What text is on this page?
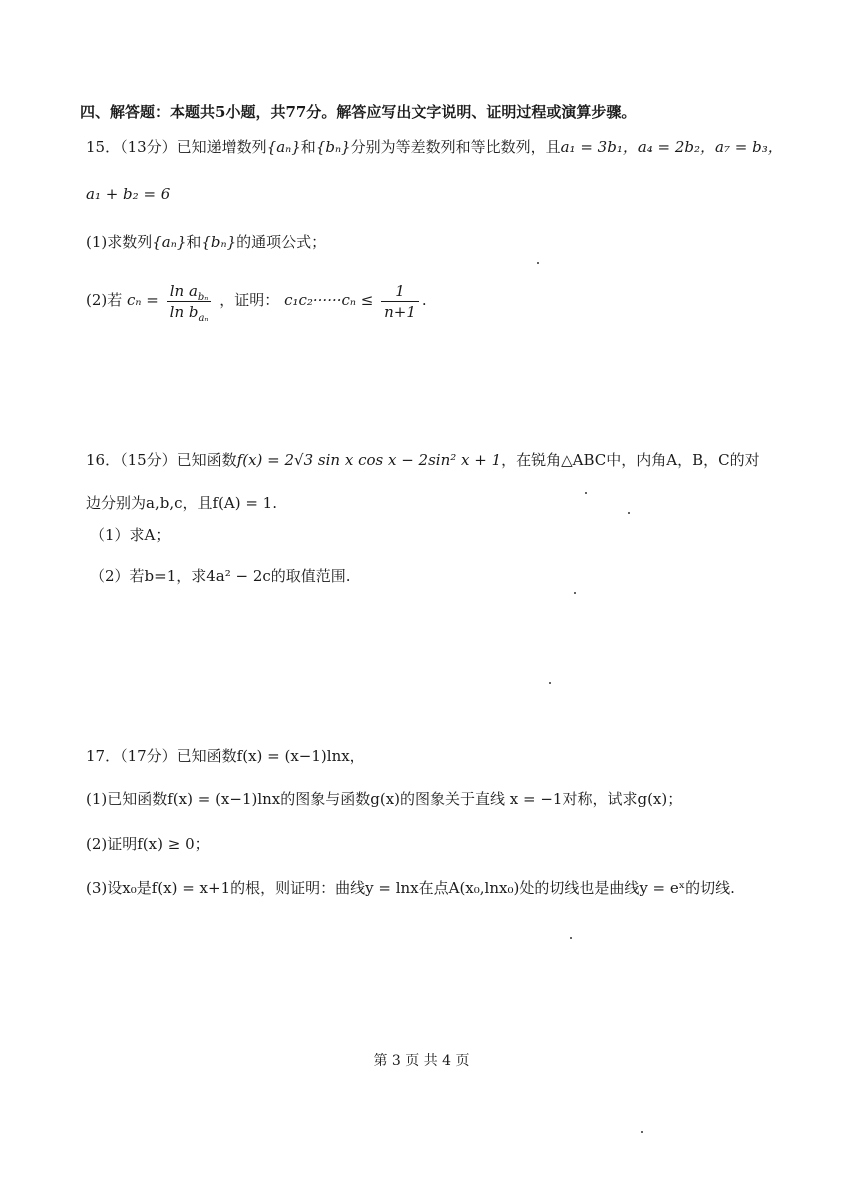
四、解答题：本题共5小题，共77分。解答应写出文字说明、证明过程或演算步骤。
15．（13分）已知递增数列{aₙ}和{bₙ}分别为等差数列和等比数列，且a₁ = 3b₁，a₄ = 2b₂，a₇ = b₃，
a₁ + b₂ = 6
(1)求数列{aₙ}和{bₙ}的通项公式；
(2)若 $c_n = \frac{\ln a_{b_n}}{\ln b_{a_n}}$ ，证明： $c_1c_2\cdot\cdot\cdot\cdot\cdot\cdot c_n \le \frac{1}{n+1}$ .
16．（15分）已知函数f(x) = 2√3 sin x cos x − 2sin² x + 1，在锐角△ABC中，内角A，B，C的对
边分别为a,b,c，且f(A) = 1.
（1）求A；
（2）若b=1，求4a² − 2c的取值范围.
17．（17分）已知函数f(x) = (x−1)lnx，
(1)已知函数f(x) = (x−1)lnx的图象与函数g(x)的图象关于直线 x = −1对称，试求g(x)；
(2)证明f(x) ≥ 0；
(3)设x₀是f(x) = x+1的根，则证明：曲线y = lnx在点A(x₀,lnx₀)处的切线也是曲线y = eˣ的切线.
第 3 页 共 4 页
